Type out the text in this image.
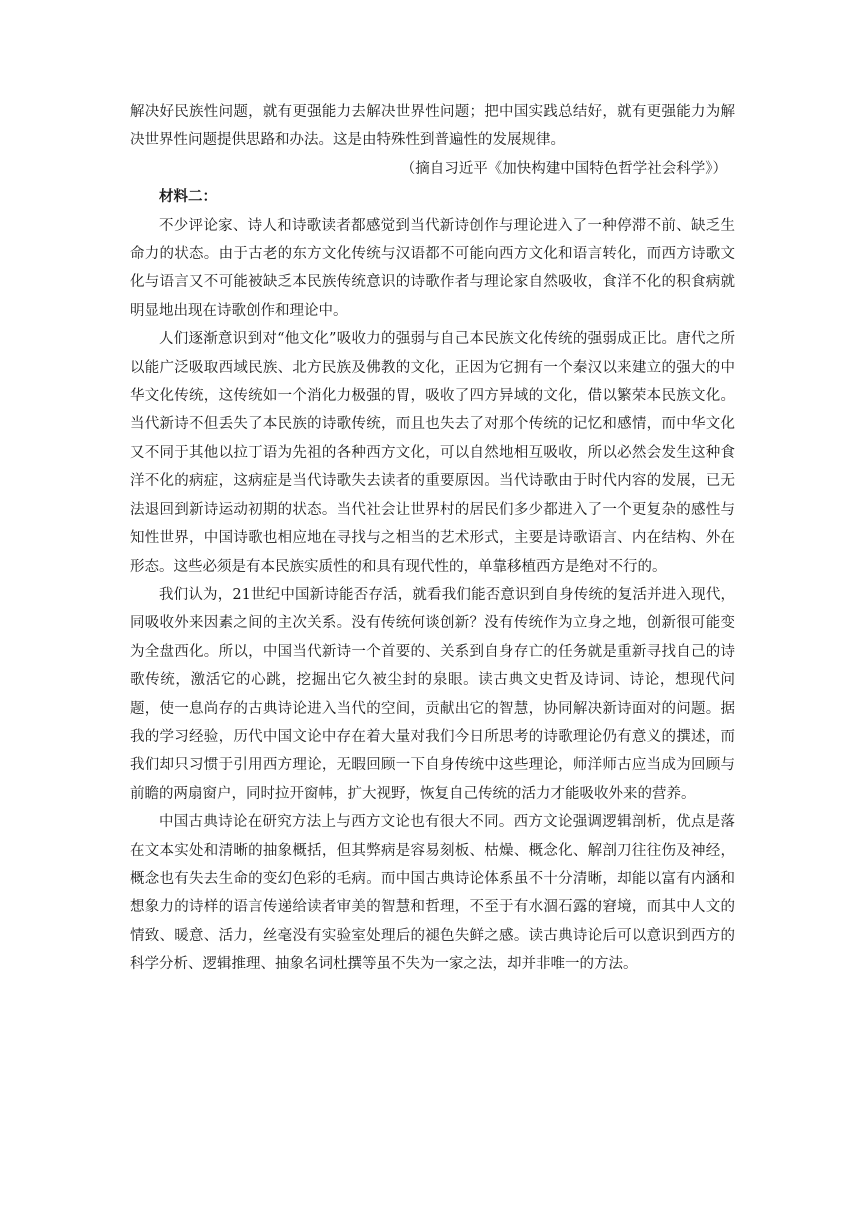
解决好民族性问题，就有更强能力去解决世界性问题；把中国实践总结好，就有更强能力为解决世界性问题提供思路和办法。这是由特殊性到普遍性的发展规律。

（摘自习近平《加快构建中国特色哲学社会科学》）

材料二：

不少评论家、诗人和诗歌读者都感觉到当代新诗创作与理论进入了一种停滞不前、缺乏生命力的状态。由于古老的东方文化传统与汉语都不可能向西方文化和语言转化，而西方诗歌文化与语言又不可能被缺乏本民族传统意识的诗歌作者与理论家自然吸收，食洋不化的积食病就明显地出现在诗歌创作和理论中。

人们逐渐意识到对“他文化”吸收力的强弱与自己本民族文化传统的强弱成正比。唐代之所以能广泛吸取西域民族、北方民族及佛教的文化，正因为它拥有一个秦汉以来建立的强大的中华文化传统，这传统如一个消化力极强的胃，吸收了四方异域的文化，借以繁荣本民族文化。当代新诗不但丢失了本民族的诗歌传统，而且也失去了对那个传统的记忆和感情，而中华文化又不同于其他以拉丁语为先祖的各种西方文化，可以自然地相互吸收，所以必然会发生这种食洋不化的病症，这病症是当代诗歌失去读者的重要原因。当代诗歌由于时代内容的发展，已无法退回到新诗运动初期的状态。当代社会让世界村的居民们多少都进入了一个更复杂的感性与知性世界，中国诗歌也相应地在寻找与之相当的艺术形式，主要是诗歌语言、内在结构、外在形态。这些必须是有本民族实质性的和具有现代性的，单靠移植西方是绝对不行的。

我们认为，21世纪中国新诗能否存活，就看我们能否意识到自身传统的复活并进入现代，同吸收外来因素之间的主次关系。没有传统何谈创新？没有传统作为立身之地，创新很可能变为全盘西化。所以，中国当代新诗一个首要的、关系到自身存亡的任务就是重新寻找自己的诗歌传统，激活它的心跳，挖掘出它久被尘封的泉眼。读古典文史哲及诗词、诗论，想现代问题，使一息尚存的古典诗论进入当代的空间，贡献出它的智慧，协同解决新诗面对的问题。据我的学习经验，历代中国文论中存在着大量对我们今日所思考的诗歌理论仍有意义的撰述，而我们却只习惯于引用西方理论，无暇回顾一下自身传统中这些理论，师洋师古应当成为回顾与前瞻的两扇窗户，同时拉开窗帏，扩大视野，恢复自己传统的活力才能吸收外来的营养。

中国古典诗论在研究方法上与西方文论也有很大不同。西方文论强调逻辑剖析，优点是落在文本实处和清晰的抽象概括，但其弊病是容易刻板、枯燥、概念化、解剖刀往往伤及神经，概念也有失去生命的变幻色彩的毛病。而中国古典诗论体系虽不十分清晰，却能以富有内涵和想象力的诗样的语言传递给读者审美的智慧和哲理，不至于有水涸石露的窘境，而其中人文的情致、暖意、活力，丝毫没有实验室处理后的褪色失鲜之感。读古典诗论后可以意识到西方的科学分析、逻辑推理、抽象名词杜撰等虽不失为一家之法，却并非唯一的方法。
